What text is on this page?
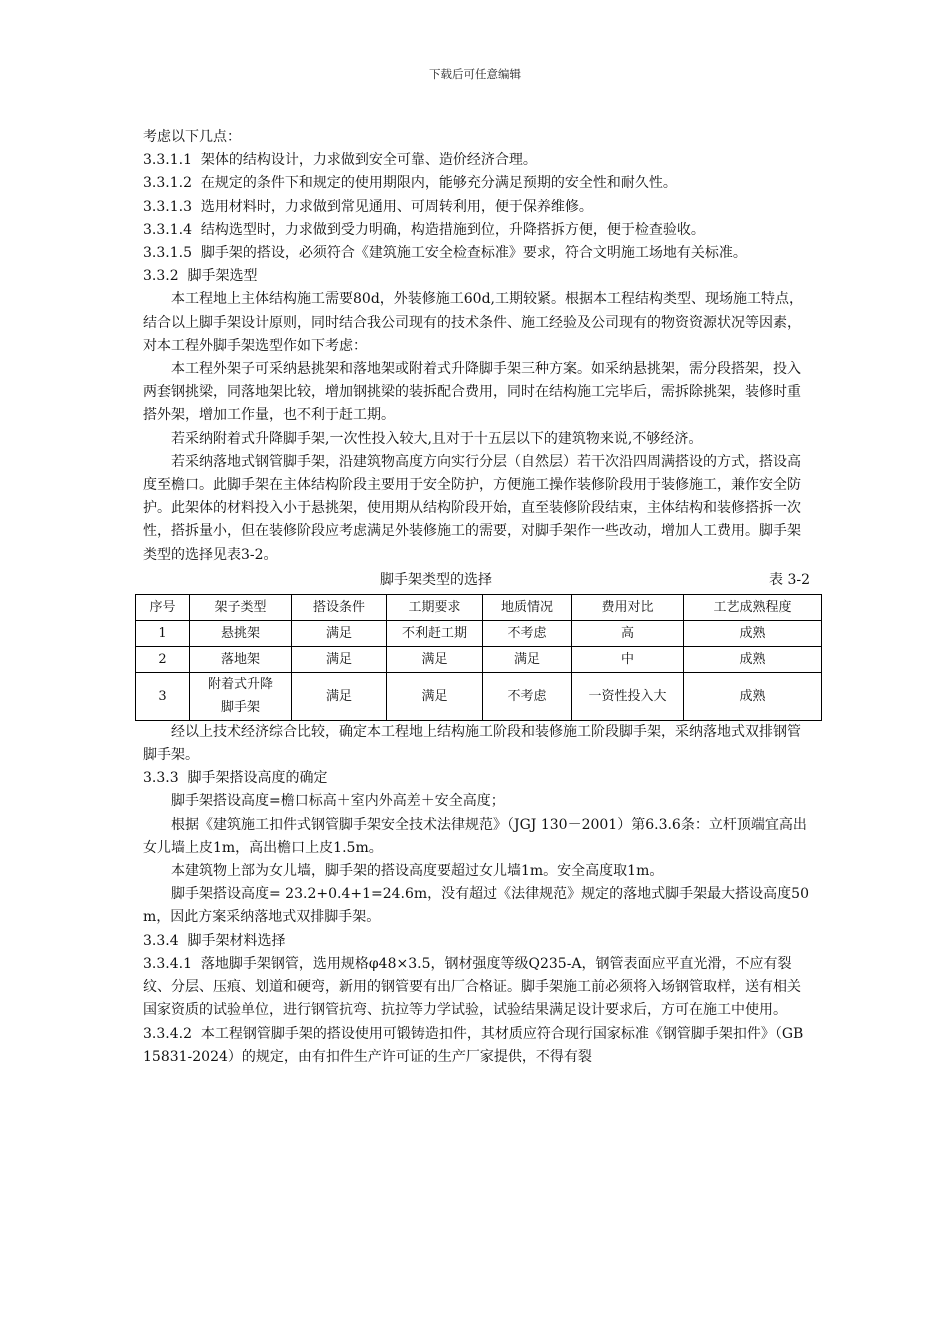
下载后可任意编辑

考虑以下几点：

3.3.1.1  架体的结构设计，力求做到安全可靠、造价经济合理。

3.3.1.2  在规定的条件下和规定的使用期限内，能够充分满足预期的安全性和耐久性。

3.3.1.3  选用材料时，力求做到常见通用、可周转利用，便于保养维修。

3.3.1.4  结构选型时，力求做到受力明确，构造措施到位，升降搭拆方便，便于检查验收。

3.3.1.5  脚手架的搭设，必须符合《建筑施工安全检查标准》要求，符合文明施工场地有关标准。

3.3.2  脚手架选型

本工程地上主体结构施工需要80d，外装修施工60d,工期较紧。根据本工程结构类型、现场施工特点，结合以上脚手架设计原则，同时结合我公司现有的技术条件、施工经验及公司现有的物资资源状况等因素，对本工程外脚手架选型作如下考虑：

本工程外架子可采纳悬挑架和落地架或附着式升降脚手架三种方案。如采纳悬挑架，需分段搭架，投入两套钢挑梁，同落地架比较，增加钢挑梁的装拆配合费用，同时在结构施工完毕后，需拆除挑架，装修时重搭外架，增加工作量，也不利于赶工期。

若采纳附着式升降脚手架,一次性投入较大,且对于十五层以下的建筑物来说,不够经济。

若采纳落地式钢管脚手架，沿建筑物高度方向实行分层（自然层）若干次沿四周满搭设的方式，搭设高度至檐口。此脚手架在主体结构阶段主要用于安全防护，方便施工操作装修阶段用于装修施工，兼作安全防护。此架体的材料投入小于悬挑架，使用期从结构阶段开始，直至装修阶段结束，主体结构和装修搭拆一次性，搭拆量小，但在装修阶段应考虑满足外装修施工的需要，对脚手架作一些改动，增加人工费用。脚手架类型的选择见表3-2。

脚手架类型的选择	表 3-2
序号	架子类型	搭设条件	工期要求	地质情况	费用对比	工艺成熟程度
1	悬挑架	满足	不利赶工期	不考虑	高	成熟
2	落地架	满足	满足	满足	中	成熟
3	附着式升降
脚手架	满足	满足	不考虑	一资性投入大	成熟

经以上技术经济综合比较，确定本工程地上结构施工阶段和装修施工阶段脚手架，采纳落地式双排钢管脚手架。

3.3.3  脚手架搭设高度的确定

脚手架搭设高度=檐口标高＋室内外高差＋安全高度；

根据《建筑施工扣件式钢管脚手架安全技术法律规范》（JGJ 130－2001）第6.3.6条：立杆顶端宜高出女儿墙上皮1m，高出檐口上皮1.5m。

本建筑物上部为女儿墙，脚手架的搭设高度要超过女儿墙1m。安全高度取1m。

脚手架搭设高度= 23.2+0.4+1=24.6m，没有超过《法律规范》规定的落地式脚手架最大搭设高度50 m，因此方案采纳落地式双排脚手架。

3.3.4  脚手架材料选择

3.3.4.1  落地脚手架钢管，选用规格φ48×3.5，钢材强度等级Q235-A，钢管表面应平直光滑，不应有裂纹、分层、压痕、划道和硬弯，新用的钢管要有出厂合格证。脚手架施工前必须将入场钢管取样，送有相关国家资质的试验单位，进行钢管抗弯、抗拉等力学试验，试验结果满足设计要求后，方可在施工中使用。

3.3.4.2  本工程钢管脚手架的搭设使用可锻铸造扣件，其材质应符合现行国家标准《钢管脚手架扣件》（GB 15831-2024）的规定，由有扣件生产许可证的生产厂家提供，不得有裂
